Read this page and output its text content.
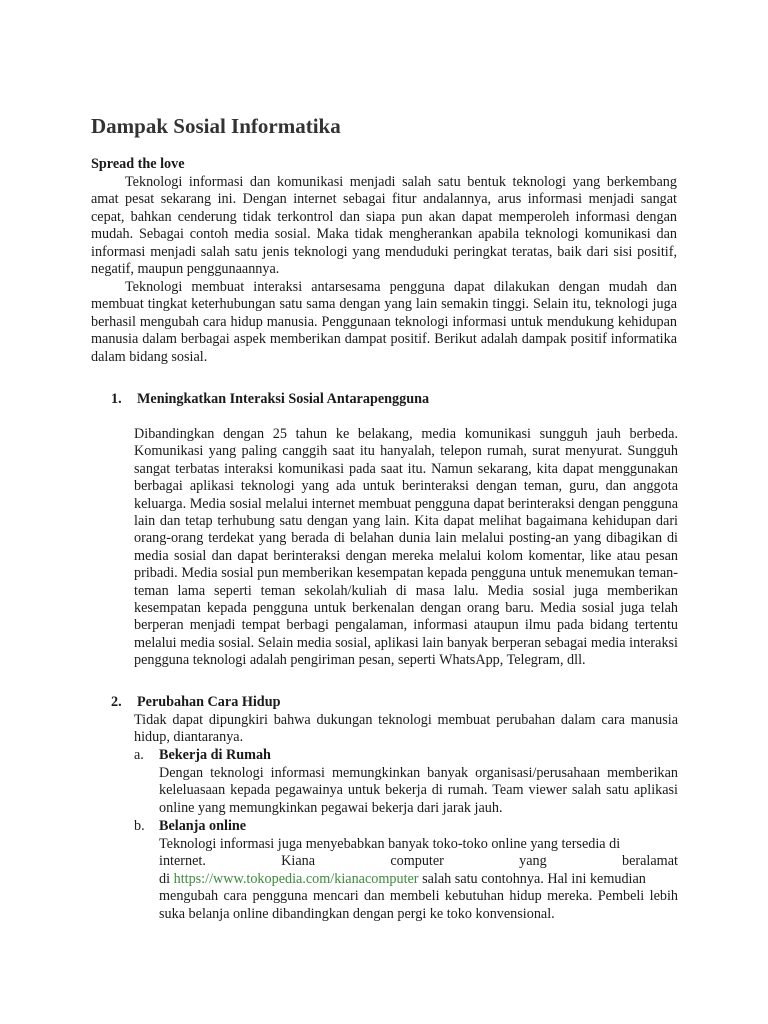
Dampak Sosial Informatika

Spread the love

Teknologi informasi dan komunikasi menjadi salah satu bentuk teknologi yang berkembang amat pesat sekarang ini. Dengan internet sebagai fitur andalannya, arus informasi menjadi sangat cepat, bahkan cenderung tidak terkontrol dan siapa pun akan dapat memperoleh informasi dengan mudah. Sebagai contoh media sosial. Maka tidak mengherankan apabila teknologi komunikasi dan informasi menjadi salah satu jenis teknologi yang menduduki peringkat teratas, baik dari sisi positif, negatif, maupun penggunaannya.

Teknologi membuat interaksi antarsesama pengguna dapat dilakukan dengan mudah dan membuat tingkat keterhubungan satu sama dengan yang lain semakin tinggi. Selain itu, teknologi juga berhasil mengubah cara hidup manusia. Penggunaan teknologi informasi untuk mendukung kehidupan manusia dalam berbagai aspek memberikan dampat positif. Berikut adalah dampak positif informatika dalam bidang sosial.

1. Meningkatkan Interaksi Sosial Antarapengguna

Dibandingkan dengan 25 tahun ke belakang, media komunikasi sungguh jauh berbeda. Komunikasi yang paling canggih saat itu hanyalah, telepon rumah, surat menyurat. Sungguh sangat terbatas interaksi komunikasi pada saat itu. Namun sekarang, kita dapat menggunakan berbagai aplikasi teknologi yang ada untuk berinteraksi dengan teman, guru, dan anggota keluarga. Media sosial melalui internet membuat pengguna dapat berinteraksi dengan pengguna lain dan tetap terhubung satu dengan yang lain. Kita dapat melihat bagaimana kehidupan dari orang-orang terdekat yang berada di belahan dunia lain melalui posting-an yang dibagikan di media sosial dan dapat berinteraksi dengan mereka melalui kolom komentar, like atau pesan pribadi. Media sosial pun memberikan kesempatan kepada pengguna untuk menemukan teman-teman lama seperti teman sekolah/kuliah di masa lalu. Media sosial juga memberikan kesempatan kepada pengguna untuk berkenalan dengan orang baru. Media sosial juga telah berperan menjadi tempat berbagi pengalaman, informasi ataupun ilmu pada bidang tertentu melalui media sosial. Selain media sosial, aplikasi lain banyak berperan sebagai media interaksi pengguna teknologi adalah pengiriman pesan, seperti WhatsApp, Telegram, dll.

2. Perubahan Cara Hidup

Tidak dapat dipungkiri bahwa dukungan teknologi membuat perubahan dalam cara manusia hidup, diantaranya.

a. Bekerja di Rumah

Dengan teknologi informasi memungkinkan banyak organisasi/perusahaan memberikan keleluasaan kepada pegawainya untuk bekerja di rumah. Team viewer salah satu aplikasi online yang memungkinkan pegawai bekerja dari jarak jauh.

b. Belanja online
Teknologi informasi juga menyebabkan banyak toko-toko online yang tersedia di
internet.	Kiana	computer	yang	beralamat
di https://www.tokopedia.com/kianacomputer salah satu contohnya. Hal ini kemudian
mengubah cara pengguna mencari dan membeli kebutuhan hidup mereka. Pembeli lebih suka belanja online dibandingkan dengan pergi ke toko konvensional.
